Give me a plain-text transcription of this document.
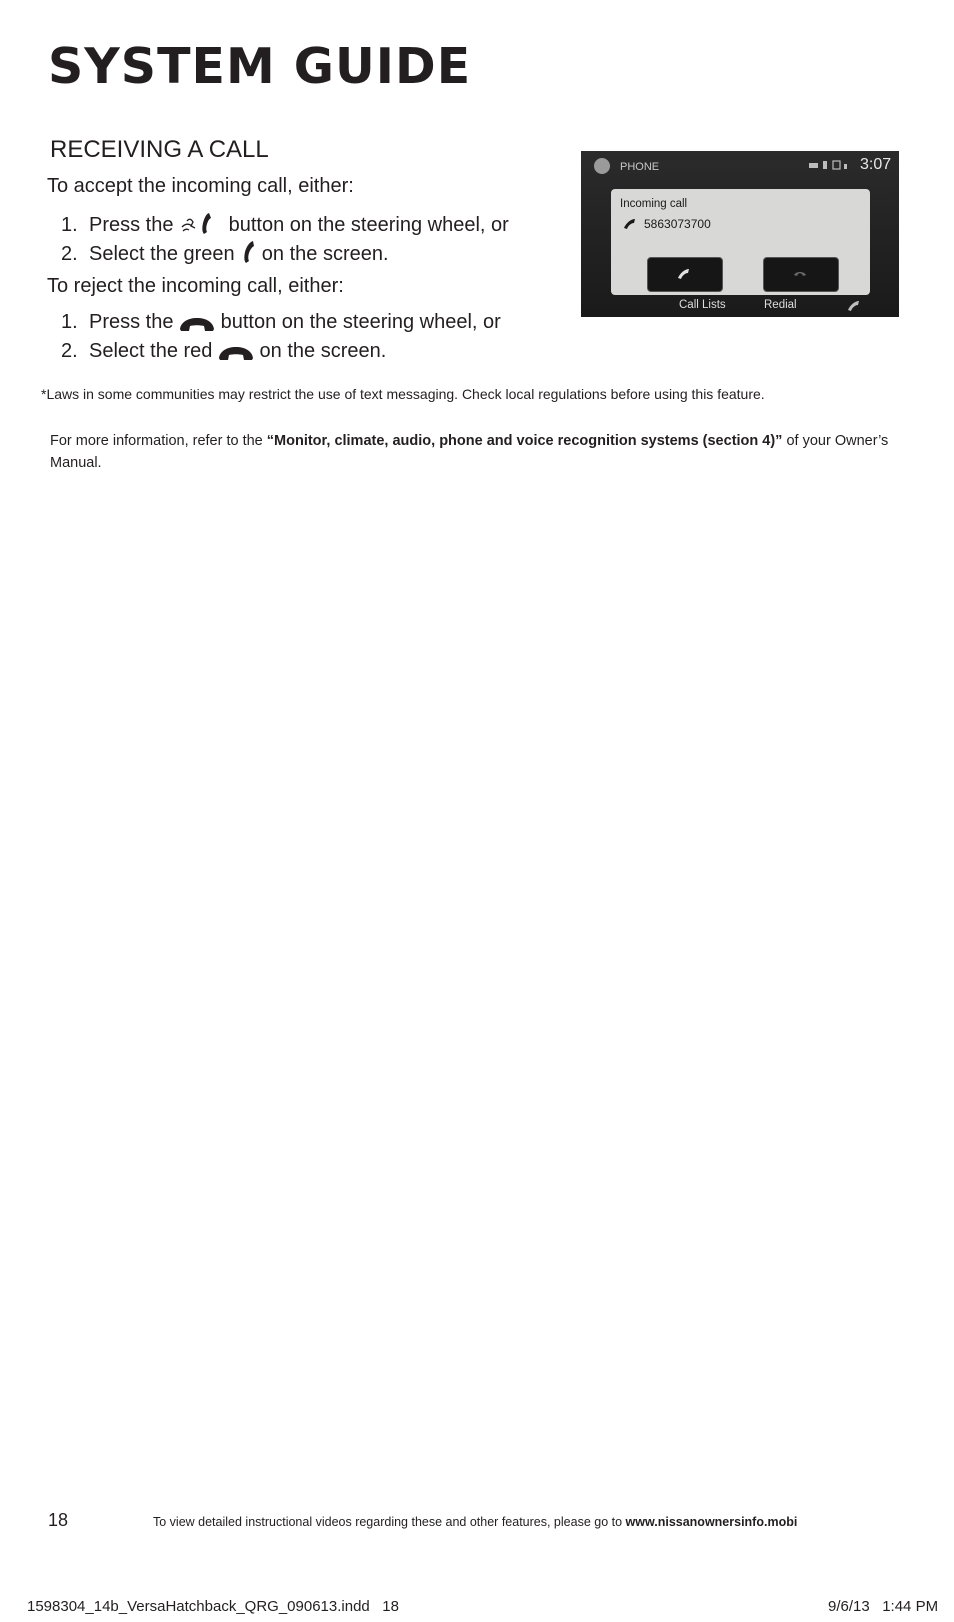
SYSTEM GUIDE
RECEIVING A CALL
To accept the incoming call, either:
1. Press the	button on the steering wheel, or
2. Select the green on the screen.
To reject the incoming call, either:
1. Press the button on the steering wheel, or
2. Select the red on the screen.
PHONE	3:07
Incoming call
5863073700
Call Lists	Redial
*Laws in some communities may restrict the use of text messaging. Check local regulations before using this feature.
For more information, refer to the “Monitor, climate, audio, phone and voice recognition systems (section 4)” of your Owner’s Manual.
18	To view detailed instructional videos regarding these and other features, please go to www.nissanownersinfo.mobi
1598304_14b_VersaHatchback_QRG_090613.indd   18	9/6/13   1:44 PM
